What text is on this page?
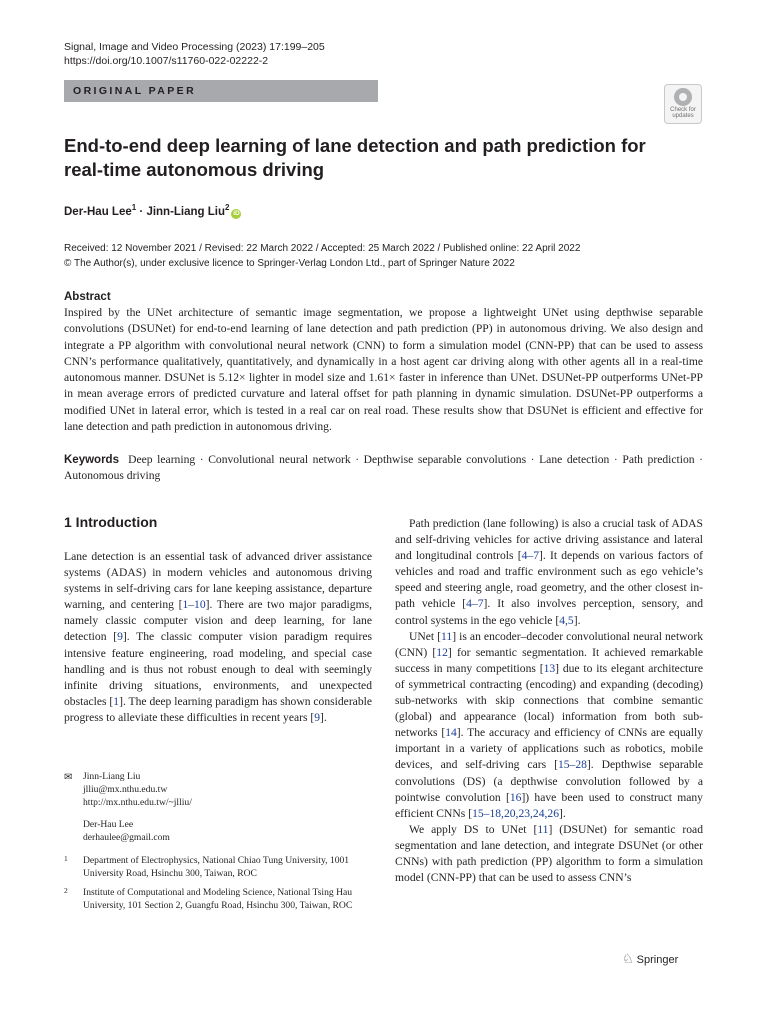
Signal, Image and Video Processing (2023) 17:199–205
https://doi.org/10.1007/s11760-022-02222-2
ORIGINAL PAPER
Check for
updates
End-to-end deep learning of lane detection and path prediction for real-time autonomous driving
Der-Hau Lee$^1$ · Jinn-Liang Liu$^2$iD
Received: 12 November 2021 / Revised: 22 March 2022 / Accepted: 25 March 2022 / Published online: 22 April 2022
© The Author(s), under exclusive licence to Springer-Verlag London Ltd., part of Springer Nature 2022
Abstract

Inspired by the UNet architecture of semantic image segmentation, we propose a lightweight UNet using depthwise separable convolutions (DSUNet) for end-to-end learning of lane detection and path prediction (PP) in autonomous driving. We also design and integrate a PP algorithm with convolutional neural network (CNN) to form a simulation model (CNN-PP) that can be used to assess CNN’s performance qualitatively, quantitatively, and dynamically in a host agent car driving along with other agents all in a real-time autonomous manner. DSUNet is 5.12× lighter in model size and 1.61× faster in inference than UNet. DSUNet-PP outperforms UNet-PP in mean average errors of predicted curvature and lateral offset for path planning in dynamic simulation. DSUNet-PP outperforms a modified UNet in lateral error, which is tested in a real car on real road. These results show that DSUNet is efficient and effective for lane detection and path prediction in autonomous driving.

Keywords Deep learning · Convolutional neural network · Depthwise separable convolutions · Lane detection · Path prediction · Autonomous driving

1 Introduction

Lane detection is an essential task of advanced driver assistance systems (ADAS) in modern vehicles and autonomous driving systems in self-driving cars for lane keeping assistance, departure warning, and centering [1–10]. There are two major paradigms, namely classic computer vision and deep learning, for lane detection [9]. The classic computer vision paradigm requires intensive feature engineering, road modeling, and special case handling and is thus not robust enough to deal with seemingly infinite driving situations, environments, and unexpected obstacles [1]. The deep learning paradigm has shown considerable progress to alleviate these difficulties in recent years [9].

Path prediction (lane following) is also a crucial task of ADAS and self-driving vehicles for active driving assistance and lateral and longitudinal controls [4–7]. It depends on various factors of vehicles and road and traffic environment such as ego vehicle’s speed and steering angle, road geometry, and the other closest in-path vehicle [4–7]. It also involves perception, sensory, and control systems in the ego vehicle [4,5].

UNet [11] is an encoder–decoder convolutional neural network (CNN) [12] for semantic segmentation. It achieved remarkable success in many competitions [13] due to its elegant architecture of symmetrical contracting (encoding) and expanding (decoding) sub-networks with skip connections that combine semantic (global) and appearance (local) information from both sub-networks [14]. The accuracy and efficiency of CNNs are equally important in a variety of applications such as robotics, mobile devices, and self-driving cars [15–28]. Depthwise separable convolutions (DS) (a depthwise convolution followed by a pointwise convolution [16]) have been used to construct many efficient CNNs [15–18,20,23,24,26].

We apply DS to UNet [11] (DSUNet) for semantic road segmentation and lane detection, and integrate DSUNet (or other CNNs) with path prediction (PP) algorithm to form a simulation model (CNN-PP) that can be used to assess CNN’s

✉ Jinn-Liang Liu
jlliu@mx.nthu.edu.tw
http://mx.nthu.edu.tw/~jlliu/
Der-Hau Lee
derhaulee@gmail.com
1 Department of Electrophysics, National Chiao Tung University, 1001 University Road, Hsinchu 300, Taiwan, ROC
2 Institute of Computational and Modeling Science, National Tsing Hau University, 101 Section 2, Guangfu Road, Hsinchu 300, Taiwan, ROC
♘ Springer
